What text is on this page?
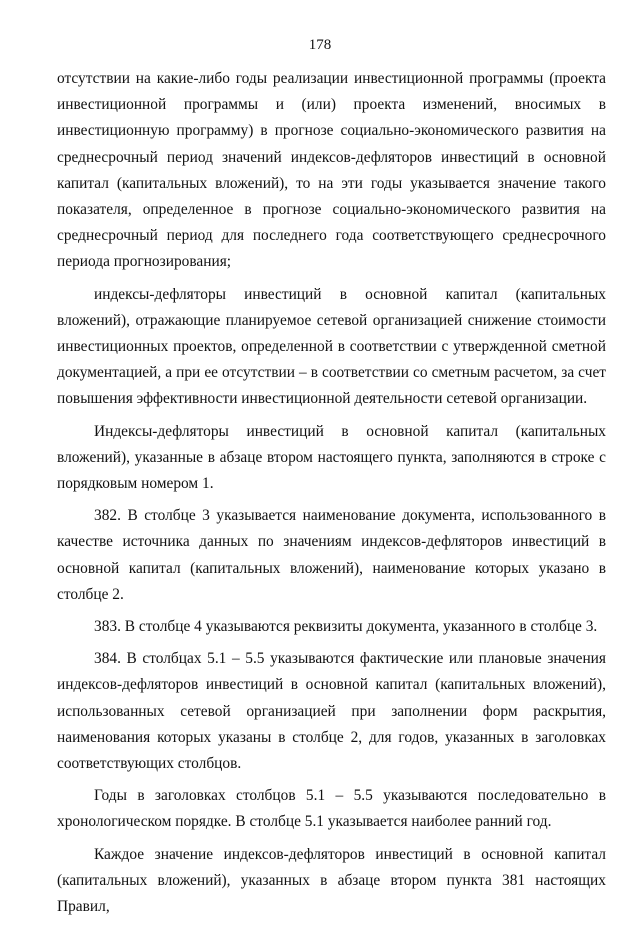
178

отсутствии на какие-либо годы реализации инвестиционной программы (проекта инвестиционной программы и (или) проекта изменений, вносимых в инвестиционную программу) в прогнозе социально-экономического развития на среднесрочный период значений индексов-дефляторов инвестиций в основной капитал (капитальных вложений), то на эти годы указывается значение такого показателя, определенное в прогнозе социально-экономического развития на среднесрочный период для последнего года соответствующего среднесрочного периода прогнозирования;

индексы-дефляторы инвестиций в основной капитал (капитальных вложений), отражающие планируемое сетевой организацией снижение стоимости инвестиционных проектов, определенной в соответствии с утвержденной сметной документацией, а при ее отсутствии – в соответствии со сметным расчетом, за счет повышения эффективности инвестиционной деятельности сетевой организации.

Индексы-дефляторы инвестиций в основной капитал (капитальных вложений), указанные в абзаце втором настоящего пункта, заполняются в строке с порядковым номером 1.

382. В столбце 3 указывается наименование документа, использованного в качестве источника данных по значениям индексов-дефляторов инвестиций в основной капитал (капитальных вложений), наименование которых указано в столбце 2.

383. В столбце 4 указываются реквизиты документа, указанного в столбце 3.

384. В столбцах 5.1 – 5.5 указываются фактические или плановые значения индексов-дефляторов инвестиций в основной капитал (капитальных вложений), использованных сетевой организацией при заполнении форм раскрытия, наименования которых указаны в столбце 2, для годов, указанных в заголовках соответствующих столбцов.

Годы в заголовках столбцов 5.1 – 5.5 указываются последовательно в хронологическом порядке. В столбце 5.1 указывается наиболее ранний год.

Каждое значение индексов-дефляторов инвестиций в основной капитал (капитальных вложений), указанных в абзаце втором пункта 381 настоящих Правил,
